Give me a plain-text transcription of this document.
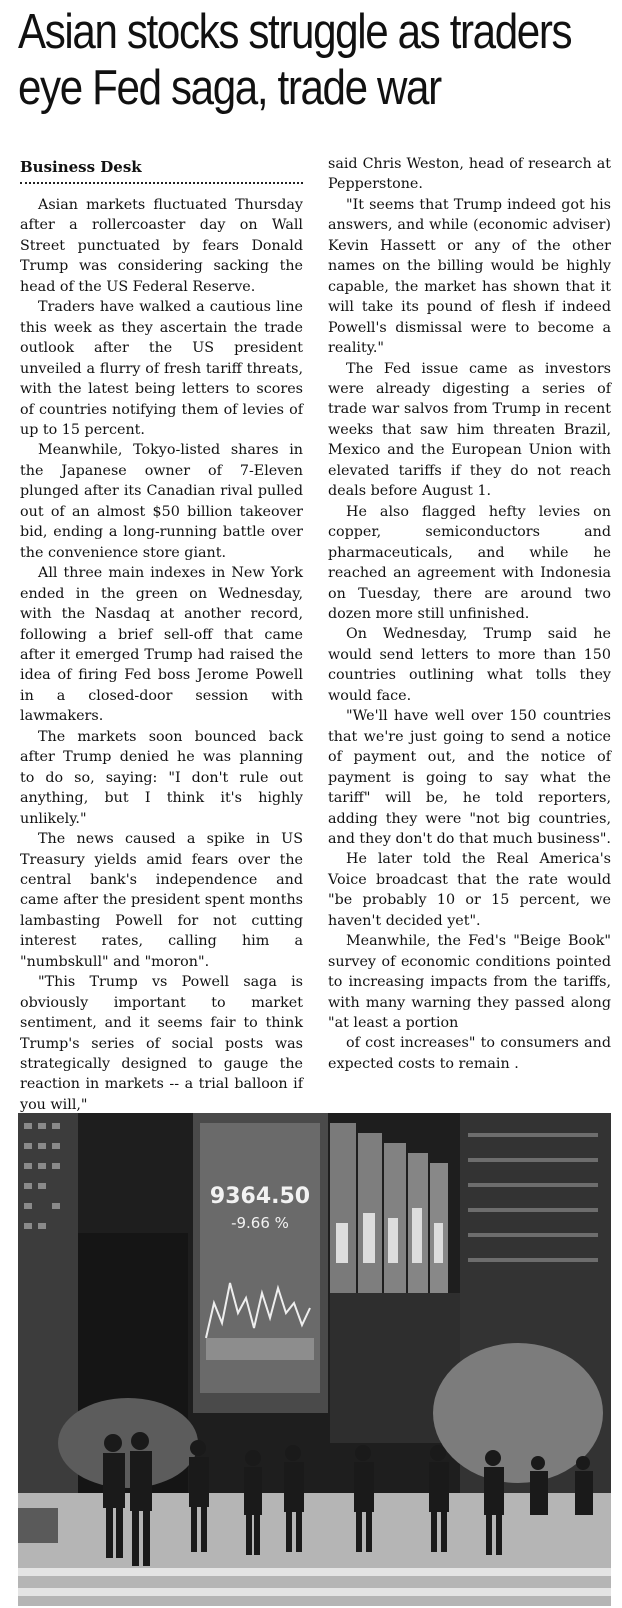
Asian stocks struggle as traders
eye Fed saga, trade war
Business Desk

Asian markets fluctuated Thursday after a rollercoaster day on Wall Street punctuated by fears Donald Trump was considering sacking the head of the US Federal Reserve.

Traders have walked a cautious line this week as they ascertain the trade outlook after the US president unveiled a flurry of fresh tariff threats, with the latest being letters to scores of countries notifying them of levies of up to 15 percent.

Meanwhile, Tokyo-listed shares in the Japanese owner of 7-Eleven plunged after its Canadian rival pulled out of an almost $50 billion takeover bid, ending a long-running battle over the convenience store giant.

All three main indexes in New York ended in the green on Wednesday, with the Nasdaq at another record, following a brief sell-off that came after it emerged Trump had raised the idea of firing Fed boss Jerome Powell in a closed-door session with lawmakers.

The markets soon bounced back after Trump denied he was planning to do so, saying: "I don't rule out anything, but I think it's highly unlikely."

The news caused a spike in US Treasury yields amid fears over the central bank's independence and came after the president spent months lambasting Powell for not cutting interest rates, calling him a "numbskull" and "moron".

"This Trump vs Powell saga is obviously important to market sentiment, and it seems fair to think Trump's series of social posts was strategically designed to gauge the reaction in markets -- a trial balloon if you will,"

said Chris Weston, head of research at Pepperstone.

"It seems that Trump indeed got his answers, and while (economic adviser) Kevin Hassett or any of the other names on the billing would be highly capable, the market has shown that it will take its pound of flesh if indeed Powell's dismissal were to become a reality."

The Fed issue came as investors were already digesting a series of trade war salvos from Trump in recent weeks that saw him threaten Brazil, Mexico and the European Union with elevated tariffs if they do not reach deals before August 1.

He also flagged hefty levies on copper, semiconductors and pharmaceuticals, and while he reached an agreement with Indonesia on Tuesday, there are around two dozen more still unfinished.

On Wednesday, Trump said he would send letters to more than 150 countries outlining what tolls they would face.

"We'll have well over 150 countries that we're just going to send a notice of payment out, and the notice of payment is going to say what the tariff" will be, he told reporters, adding they were "not big countries, and they don't do that much business".

He later told the Real America's Voice broadcast that the rate would "be probably 10 or 15 percent, we haven't decided yet".

Meanwhile, the Fed's "Beige Book" survey of economic conditions pointed to increasing impacts from the tariffs, with many warning they passed along "at least a portion

of cost increases" to consumers and expected costs to remain .

9364.50
-9.66 %
